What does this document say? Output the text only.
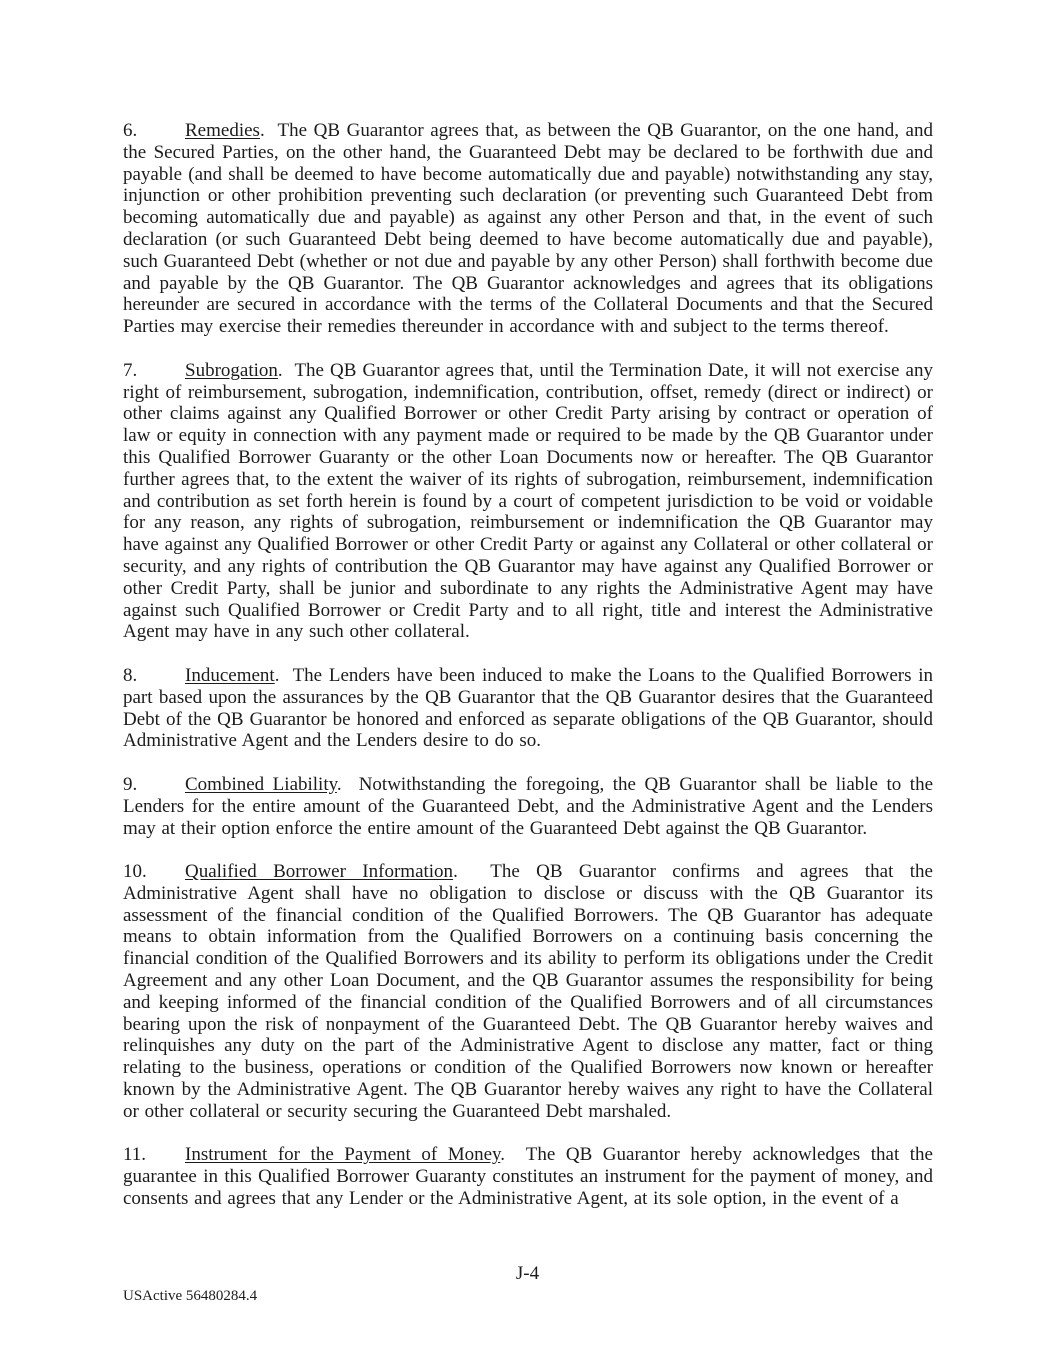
6.	Remedies. The QB Guarantor agrees that, as between the QB Guarantor, on the one hand, and the Secured Parties, on the other hand, the Guaranteed Debt may be declared to be forthwith due and payable (and shall be deemed to have become automatically due and payable) notwithstanding any stay, injunction or other prohibition preventing such declaration (or preventing such Guaranteed Debt from becoming automatically due and payable) as against any other Person and that, in the event of such declaration (or such Guaranteed Debt being deemed to have become automatically due and payable), such Guaranteed Debt (whether or not due and payable by any other Person) shall forthwith become due and payable by the QB Guarantor. The QB Guarantor acknowledges and agrees that its obligations hereunder are secured in accordance with the terms of the Collateral Documents and that the Secured Parties may exercise their remedies thereunder in accordance with and subject to the terms thereof.

7.	Subrogation. The QB Guarantor agrees that, until the Termination Date, it will not exercise any right of reimbursement, subrogation, indemnification, contribution, offset, remedy (direct or indirect) or other claims against any Qualified Borrower or other Credit Party arising by contract or operation of law or equity in connection with any payment made or required to be made by the QB Guarantor under this Qualified Borrower Guaranty or the other Loan Documents now or hereafter. The QB Guarantor further agrees that, to the extent the waiver of its rights of subrogation, reimbursement, indemnification and contribution as set forth herein is found by a court of competent jurisdiction to be void or voidable for any reason, any rights of subrogation, reimbursement or indemnification the QB Guarantor may have against any Qualified Borrower or other Credit Party or against any Collateral or other collateral or security, and any rights of contribution the QB Guarantor may have against any Qualified Borrower or other Credit Party, shall be junior and subordinate to any rights the Administrative Agent may have against such Qualified Borrower or Credit Party and to all right, title and interest the Administrative Agent may have in any such other collateral.

8.	Inducement. The Lenders have been induced to make the Loans to the Qualified Borrowers in part based upon the assurances by the QB Guarantor that the QB Guarantor desires that the Guaranteed Debt of the QB Guarantor be honored and enforced as separate obligations of the QB Guarantor, should Administrative Agent and the Lenders desire to do so.

9.	Combined Liability. Notwithstanding the foregoing, the QB Guarantor shall be liable to the Lenders for the entire amount of the Guaranteed Debt, and the Administrative Agent and the Lenders may at their option enforce the entire amount of the Guaranteed Debt against the QB Guarantor.

10. Qualified Borrower Information. The QB Guarantor confirms and agrees that the Administrative Agent shall have no obligation to disclose or discuss with the QB Guarantor its assessment of the financial condition of the Qualified Borrowers. The QB Guarantor has adequate means to obtain information from the Qualified Borrowers on a continuing basis concerning the financial condition of the Qualified Borrowers and its ability to perform its obligations under the Credit Agreement and any other Loan Document, and the QB Guarantor assumes the responsibility for being and keeping informed of the financial condition of the Qualified Borrowers and of all circumstances bearing upon the risk of nonpayment of the Guaranteed Debt. The QB Guarantor hereby waives and relinquishes any duty on the part of the Administrative Agent to disclose any matter, fact or thing relating to the business, operations or condition of the Qualified Borrowers now known or hereafter known by the Administrative Agent. The QB Guarantor hereby waives any right to have the Collateral or other collateral or security securing the Guaranteed Debt marshaled.

11. Instrument for the Payment of Money. The QB Guarantor hereby acknowledges that the guarantee in this Qualified Borrower Guaranty constitutes an instrument for the payment of money, and consents and agrees that any Lender or the Administrative Agent, at its sole option, in the event of a

J-4
USActive 56480284.4
